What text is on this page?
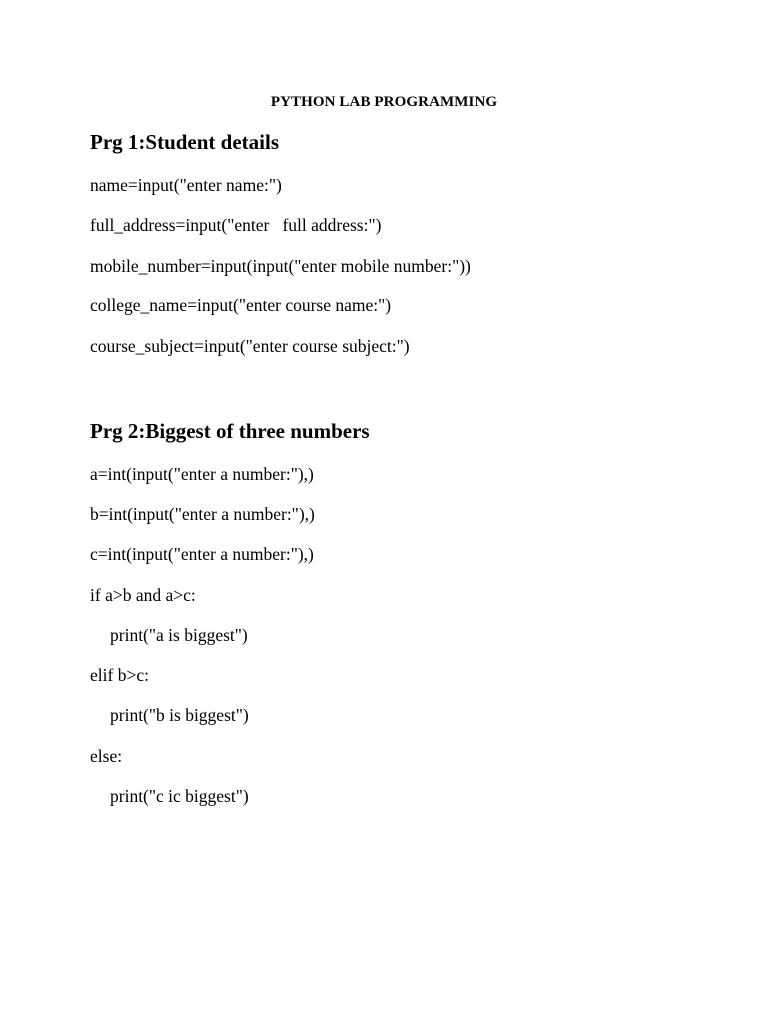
PYTHON LAB PROGRAMMING
Prg 1:Student details
name=input("enter name:")
full_address=input("enter   full address:")
mobile_number=input(input("enter mobile number:"))
college_name=input("enter course name:")
course_subject=input("enter course subject:")
Prg 2:Biggest of three numbers
a=int(input("enter a number:"),)
b=int(input("enter a number:"),)
c=int(input("enter a number:"),)
if a>b and a>c:
print("a is biggest")
elif b>c:
print("b is biggest")
else:
print("c ic biggest")
